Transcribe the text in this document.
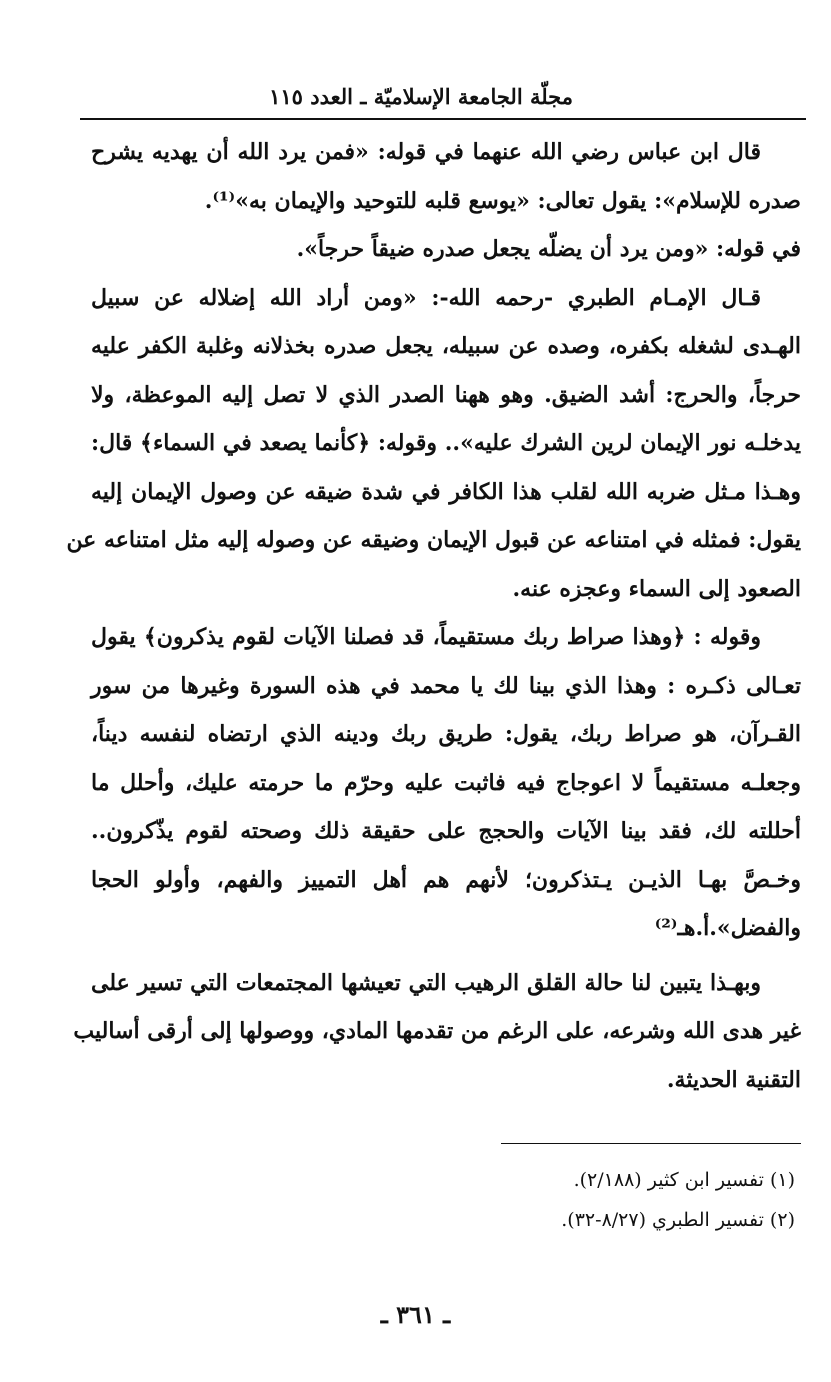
مجلّة الجامعة الإسلاميّة ـ العدد ١١٥
قال ابن عباس رضي الله عنهما في قوله: «فمن يرد الله أن يهديه يشرح
صدره للإسلام»: يقول تعالى: «يوسع قلبه للتوحيد والإيمان به»⁽¹⁾.
في قوله: «ومن يرد أن يضلّه يجعل صدره ضيقاً حرجاً».
قـال الإمـام الطبري -رحمه الله-: «ومن أراد الله إضلاله عن سبيل
الهـدى لشغله بكفره، وصده عن سبيله، يجعل صدره بخذلانه وغلبة الكفر عليه
حرجاً، والحرج: أشد الضيق. وهو ههنا الصدر الذي لا تصل إليه الموعظة، ولا
يدخلـه نور الإيمان لرين الشرك عليه».. وقوله: ﴿كأنما يصعد في السماء﴾ قال:
وهـذا مـثل ضربه الله لقلب هذا الكافر في شدة ضيقه عن وصول الإيمان إليه
يقول: فمثله في امتناعه عن قبول الإيمان وضيقه عن وصوله إليه مثل امتناعه عن
الصعود إلى السماء وعجزه عنه.
وقوله : ﴿وهذا صراط ربك مستقيماً، قد فصلنا الآيات لقوم يذكرون﴾ يقول
تعـالى ذكـره : وهذا الذي بينا لك يا محمد في هذه السورة وغيرها من سور
القـرآن، هو صراط ربك، يقول: طريق ربك ودينه الذي ارتضاه لنفسه ديناً،
وجعلـه مستقيماً لا اعوجاج فيه فاثبت عليه وحرّم ما حرمته عليك، وأحلل ما
أحللته لك، فقد بينا الآيات والحجج على حقيقة ذلك وصحته لقوم يذّكرون..
وخـصَّ بهـا الذيـن يـتذكرون؛ لأنهم هم أهل التمييز والفهم، وأولو الحجا
والفضل».أ.هـ⁽²⁾
وبهـذا يتبين لنا حالة القلق الرهيب التي تعيشها المجتمعات التي تسير على
غير هدى الله وشرعه، على الرغم من تقدمها المادي، ووصولها إلى أرقى أساليب
التقنية الحديثة.
(١) تفسير ابن كثير (٢/١٨٨).
(٢) تفسير الطبري (٨/٢٧-٣٢).
ـ ٣٦١ ـ
